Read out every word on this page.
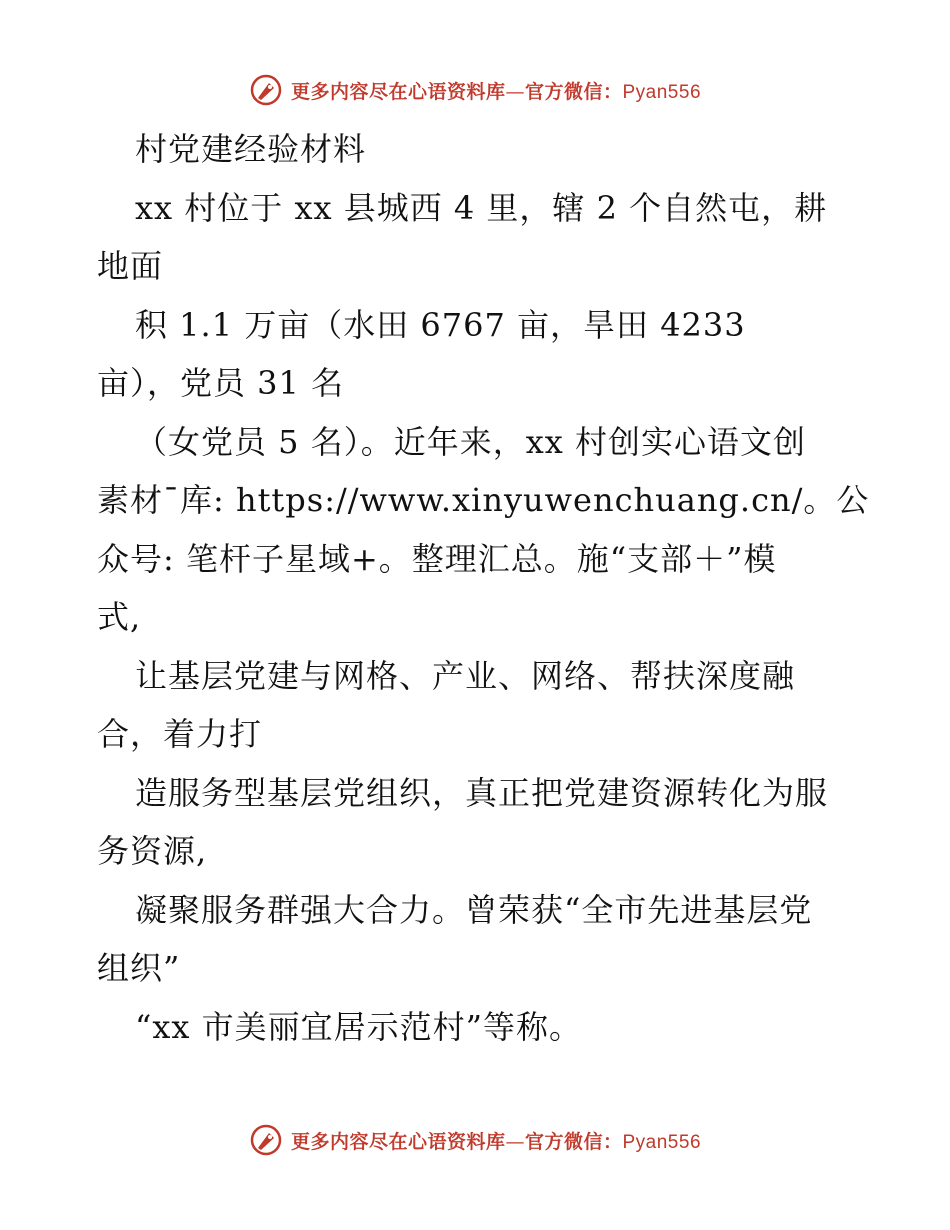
更多内容尽在心语资料库—官方微信：Pyan556
村党建经验材料
xx 村位于 xx 县城西 4 里，辖 2 个自然屯，耕
地面
积 1.1 万亩（水田 6767 亩，旱田 4233
亩），党员 31 名
（女党员 5 名）。近年来，xx 村创实心语文创
素材¯库: https://www.xinyuwenchuang.cn/。公
众号: 笔杆子星域+。整理汇总。施“支部＋”模
式,
让基层党建与网格、产业、网络、帮扶深度融
合，着力打
造服务型基层党组织，真正把党建资源转化为服
务资源,
凝聚服务群强大合力。曾荣获“全市先进基层党
组织”
“xx 市美丽宜居示范村”等称。
更多内容尽在心语资料库—官方微信：Pyan556
